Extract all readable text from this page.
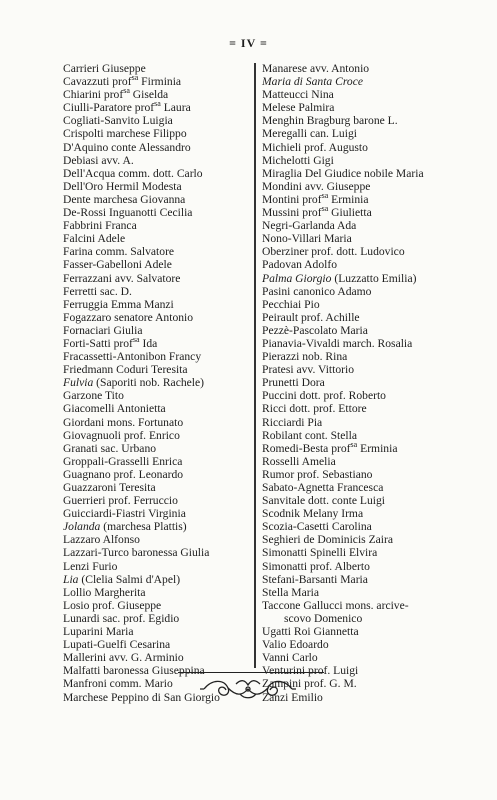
= IV =
Carrieri Giuseppe
Cavazzuti prof$^{sa}$ Firminia
Chiarini prof$^{sa}$ Giselda
Ciulli-Paratore prof$^{sa}$ Laura
Cogliati-Sanvito Luigia
Crispolti marchese Filippo
D'Aquino conte Alessandro
Debiasi avv. A.
Dell'Acqua comm. dott. Carlo
Dell'Oro Hermil Modesta
Dente marchesa Giovanna
De-Rossi Inguanotti Cecilia
Fabbrini Franca
Falcini Adele
Farina comm. Salvatore
Fasser-Gabelloni Adele
Ferrazzani avv. Salvatore
Ferretti sac. D.
Ferruggia Emma Manzi
Fogazzaro senatore Antonio
Fornaciari Giulia
Forti-Satti prof$^{sa}$ Ida
Fracassetti-Antonibon Francy
Friedmann Coduri Teresita
Fulvia (Saporiti nob. Rachele)
Garzone Tito
Giacomelli Antonietta
Giordani mons. Fortunato
Giovagnuoli prof. Enrico
Granati sac. Urbano
Groppali-Grasselli Enrica
Guagnano prof. Leonardo
Guazzaroni Teresita
Guerrieri prof. Ferruccio
Guicciardi-Fiastri Virginia
Jolanda (marchesa Plattis)
Lazzaro Alfonso
Lazzari-Turco baronessa Giulia
Lenzi Furio
Lia (Clelia Salmi d'Apel)
Lollio Margherita
Losio prof. Giuseppe
Lunardi sac. prof. Egidio
Luparini Maria
Lupati-Guelfi Cesarina
Mallerini avv. G. Arminio
Malfatti baronessa Giuseppina
Manfroni comm. Mario
Marchese Peppino di San Giorgio
Manarese avv. Antonio
Maria di Santa Croce
Matteucci Nina
Melese Palmira
Menghin Bragburg barone L.
Meregalli can. Luigi
Michieli prof. Augusto
Michelotti Gigi
Miraglia Del Giudice nobile Maria
Mondini avv. Giuseppe
Montini prof$^{sa}$ Erminia
Mussini prof$^{sa}$ Giulietta
Negri-Garlanda Ada
Nono-Villari Maria
Oberziner prof. dott. Ludovico
Padovan Adolfo
Palma Giorgio (Luzzatto Emilia)
Pasini canonico Adamo
Pecchiai Pio
Peirault prof. Achille
Pezzè-Pascolato Maria
Pianavia-Vivaldi march. Rosalia
Pierazzi nob. Rina
Pratesi avv. Vittorio
Prunetti Dora
Puccini dott. prof. Roberto
Ricci dott. prof. Ettore
Ricciardi Pia
Robilant cont. Stella
Romedi-Besta prof$^{sa}$ Erminia
Rosselli Amelia
Rumor prof. Sebastiano
Sabato-Agnetta Francesca
Sanvitale dott. conte Luigi
Scodnik Melany Irma
Scozia-Casetti Carolina
Seghieri de Dominicis Zaira
Simonatti Spinelli Elvira
Simonatti prof. Alberto
Stefani-Barsanti Maria
Stella Maria
Taccone Gallucci mons. arcive-
scovo Domenico
Ugatti Roi Giannetta
Valio Edoardo
Vanni Carlo
Venturini prof. Luigi
Zampini prof. G. M.
Zanzi Emilio
